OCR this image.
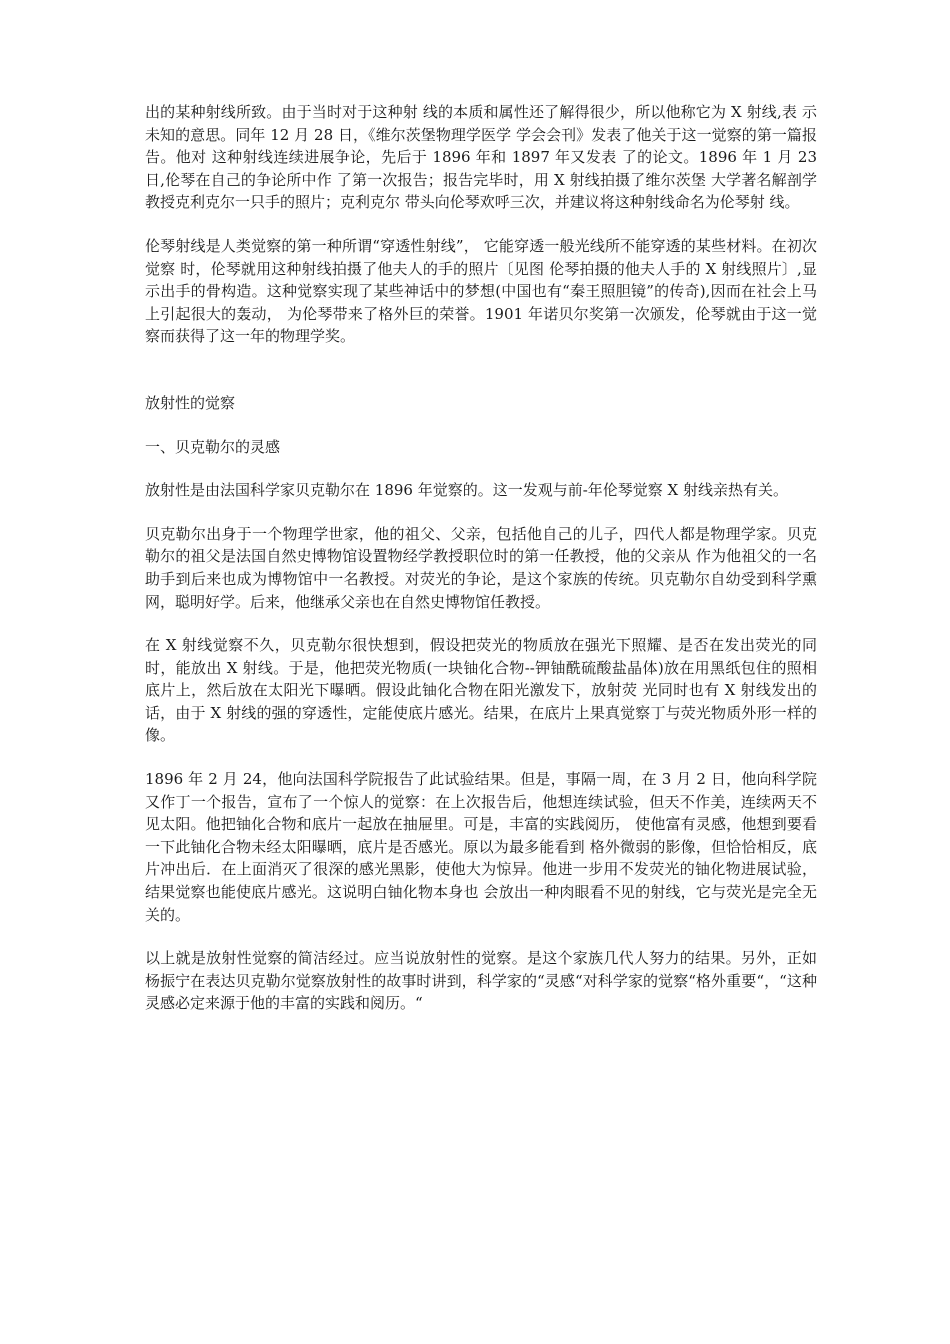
出的某种射线所致。由于当时对于这种射 线的本质和属性还了解得很少，所以他称它为 X 射线,表 示未知的意思。同年 12 月 28 日，《维尔茨堡物理学医学 学会会刊》发表了他关于这一觉察的第一篇报告。他对 这种射线连续进展争论，先后于 1896 年和 1897 年又发表 了的论文。1896 年 1 月 23 日,伦琴在自己的争论所中作 了第一次报告；报告完毕时，用 X 射线拍摄了维尔茨堡 大学著名解剖学教授克利克尔一只手的照片；克利克尔 带头向伦琴欢呼三次，并建议将这种射线命名为伦琴射 线。

伦琴射线是人类觉察的第一种所谓“穿透性射线”， 它能穿透一般光线所不能穿透的某些材料。在初次觉察 时，伦琴就用这种射线拍摄了他夫人的手的照片〔见图 伦琴拍摄的他夫人手的 X 射线照片〕,显示出手的骨构造。这种觉察实现了某些神话中的梦想(中国也有“秦王照胆镜”的传奇),因而在社会上马上引起很大的轰动， 为伦琴带来了格外巨的荣誉。1901 年诺贝尔奖第一次颁发，伦琴就由于这一觉察而获得了这一年的物理学奖。

放射性的觉察

一、贝克勒尔的灵感

放射性是由法国科学家贝克勒尔在 1896 年觉察的。这一发观与前-年伦琴觉察 X 射线亲热有关。

贝克勒尔出身于一个物理学世家，他的祖父、父亲，包括他自己的儿子，四代人都是物理学家。贝克勒尔的祖父是法国自然史博物馆设置物经学教授职位时的第一任教授，他的父亲从 作为他祖父的一名助手到后来也成为博物馆中一名教授。对荧光的争论，是这个家族的传统。贝克勒尔自幼受到科学熏网，聪明好学。后来，他继承父亲也在自然史博物馆任教授。

在 X 射线觉察不久，贝克勒尔很快想到，假设把荧光的物质放在强光下照耀、是否在发出荧光的同时，能放出 X 射线。于是，他把荧光物质(一块铀化合物--钾铀酰硫酸盐晶体)放在用黑纸包住的照相底片上，然后放在太阳光下曝晒。假设此铀化合物在阳光激发下，放射荧 光同时也有 X 射线发出的话，由于 X 射线的强的穿透性，定能使底片感光。结果，在底片上果真觉察丁与荧光物质外形一样的像。

1896 年 2 月 24，他向法国科学院报告了此试验结果。但是，事隔一周，在 3 月 2 日，他向科学院又作丁一个报告，宣布了一个惊人的觉察：在上次报告后，他想连续试验，但天不作美，连续两天不见太阳。他把铀化合物和底片一起放在抽屉里。可是，丰富的实践阅历， 使他富有灵感，他想到要看一下此铀化合物未经太阳曝晒，底片是否感光。原以为最多能看到 格外微弱的影像，但恰恰相反，底片冲出后．在上面消灭了很深的感光黑影，使他大为惊异。他进一步用不发荧光的铀化物进展试验，结果觉察也能使底片感光。这说明白铀化物本身也 会放出一种肉眼看不见的射线，它与荧光是完全无关的。

以上就是放射性觉察的简洁经过。应当说放射性的觉察。是这个家族几代人努力的结果。另外，正如杨振宁在表达贝克勒尔觉察放射性的故事时讲到，科学家的“灵感“对科学家的觉察“格外重要“，“这种灵感必定来源于他的丰富的实践和阅历。“
